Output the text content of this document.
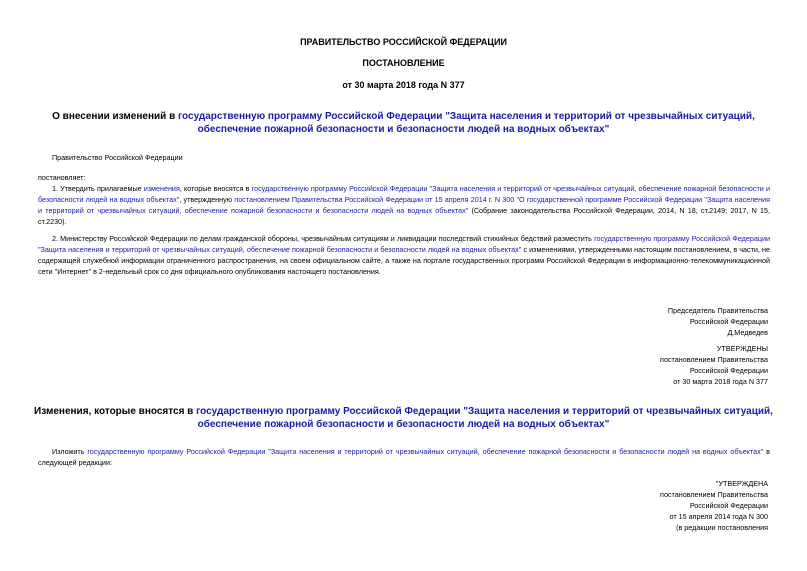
ПРАВИТЕЛЬСТВО РОССИЙСКОЙ ФЕДЕРАЦИИ
ПОСТАНОВЛЕНИЕ
от 30 марта 2018 года N 377
О внесении изменений в государственную программу Российской Федерации "Защита населения и территорий от чрезвычайных ситуаций, обеспечение пожарной безопасности и безопасности людей на водных объектах"
Правительство Российской Федерации
постановляет:
1. Утвердить прилагаемые изменения, которые вносятся в государственную программу Российской Федерации "Защита населения и территорий от чрезвычайных ситуаций, обеспечение пожарной безопасности и безопасности людей на водных объектах", утвержденную постановлением Правительства Российской Федерации от 15 апреля 2014 г. N 300 "О государственной программе Российской Федерации "Защита населения и территорий от чрезвычайных ситуаций, обеспечение пожарной безопасности и безопасности людей на водных объектах" (Собрание законодательства Российской Федерации, 2014, N 18, ст.2149; 2017, N 15, ст.2230).
2. Министерству Российской Федерации по делам гражданской обороны, чрезвычайным ситуациям и ликвидации последствий стихийных бедствий разместить государственную программу Российской Федерации "Защита населения и территорий от чрезвычайных ситуаций, обеспечение пожарной безопасности и безопасности людей на водных объектах" с изменениями, утвержденными настоящим постановлением, в части, не содержащей служебной информации ограниченного распространения, на своем официальном сайте, а также на портале государственных программ Российской Федерации в информационно-телекоммуникационной сети "Интернет" в 2-недельный срок со дня официального опубликования настоящего постановления.
Председатель Правительства
Российской Федерации
Д.Медведев
УТВЕРЖДЕНЫ
постановлением Правительства
Российской Федерации
от 30 марта 2018 года N 377
Изменения, которые вносятся в государственную программу Российской Федерации "Защита населения и территорий от чрезвычайных ситуаций, обеспечение пожарной безопасности и безопасности людей на водных объектах"
Изложить государственную программу Российской Федерации "Защита населения и территорий от чрезвычайных ситуаций, обеспечение пожарной безопасности и безопасности людей на водных объектах" в следующей редакции:
"УТВЕРЖДЕНА
постановлением Правительства
Российской Федерации
от 15 апреля 2014 года N 300
(в редакции постановления
